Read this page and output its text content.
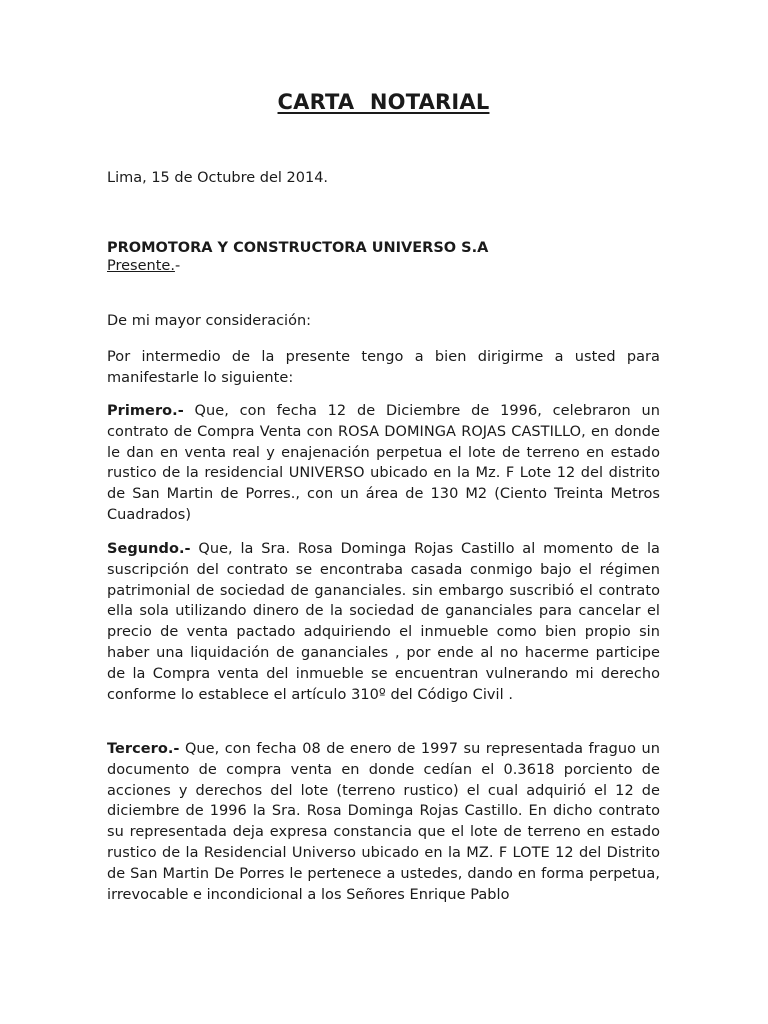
CARTA NOTARIAL
Lima, 15 de Octubre del 2014.
PROMOTORA Y CONSTRUCTORA UNIVERSO S.A
Presente.-
De mi mayor consideración:
Por intermedio de la presente tengo a bien dirigirme a usted para manifestarle lo siguiente:
Primero.- Que, con fecha 12 de Diciembre de 1996, celebraron un contrato de Compra Venta con ROSA DOMINGA ROJAS CASTILLO, en donde le dan en venta real y enajenación perpetua el lote de terreno en estado rustico de la residencial UNIVERSO ubicado en la Mz. F Lote 12 del distrito de San Martin de Porres., con un área de 130 M2 (Ciento Treinta Metros Cuadrados)
Segundo.- Que, la Sra. Rosa Dominga Rojas Castillo al momento de la suscripción del contrato se encontraba casada conmigo bajo el régimen patrimonial de sociedad de gananciales. sin embargo suscribió el contrato ella sola utilizando dinero de la sociedad de gananciales para cancelar el precio de venta pactado adquiriendo el inmueble como bien propio sin haber una liquidación de gananciales , por ende al no hacerme participe de la Compra venta del inmueble se encuentran vulnerando mi derecho conforme lo establece el artículo 310º del Código Civil .
Tercero.- Que, con fecha 08 de enero de 1997 su representada fraguo un documento de compra venta en donde cedían el 0.3618 porciento de acciones y derechos del lote (terreno rustico) el cual adquirió el 12 de diciembre de 1996 la Sra. Rosa Dominga Rojas Castillo. En dicho contrato su representada deja expresa constancia que el lote de terreno en estado rustico de la Residencial Universo ubicado en la MZ. F LOTE 12 del Distrito de San Martin De Porres le pertenece a ustedes, dando en forma perpetua, irrevocable e incondicional a los Señores Enrique Pablo
